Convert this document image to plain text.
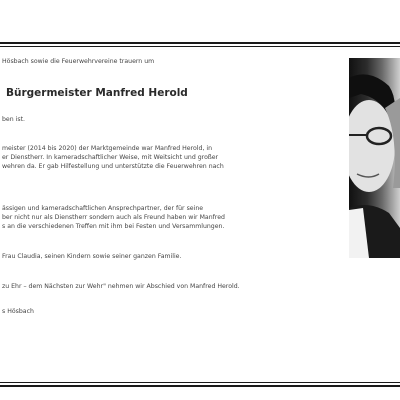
Hösbach sowie die Feuerwehrvereine trauern um
Bürgermeister Manfred Herold
ben ist.
meister (2014 bis 2020) der Marktgemeinde war Manfred Herold, in
er Dienstherr. In kameradschaftlicher Weise, mit Weitsicht und großer
wehren da. Er gab Hilfestellung und unterstützte die Feuerwehren nach
ässigen und kameradschaftlichen Ansprechpartner, der für seine
ber nicht nur als Dienstherr sondern auch als Freund haben wir Manfred
s an die verschiedenen Treffen mit ihm bei Festen und Versammlungen.
Frau Claudia, seinen Kindern sowie seiner ganzen Familie.
zu Ehr – dem Nächsten zur Wehr" nehmen wir Abschied von Manfred Herold.
s Hösbach
